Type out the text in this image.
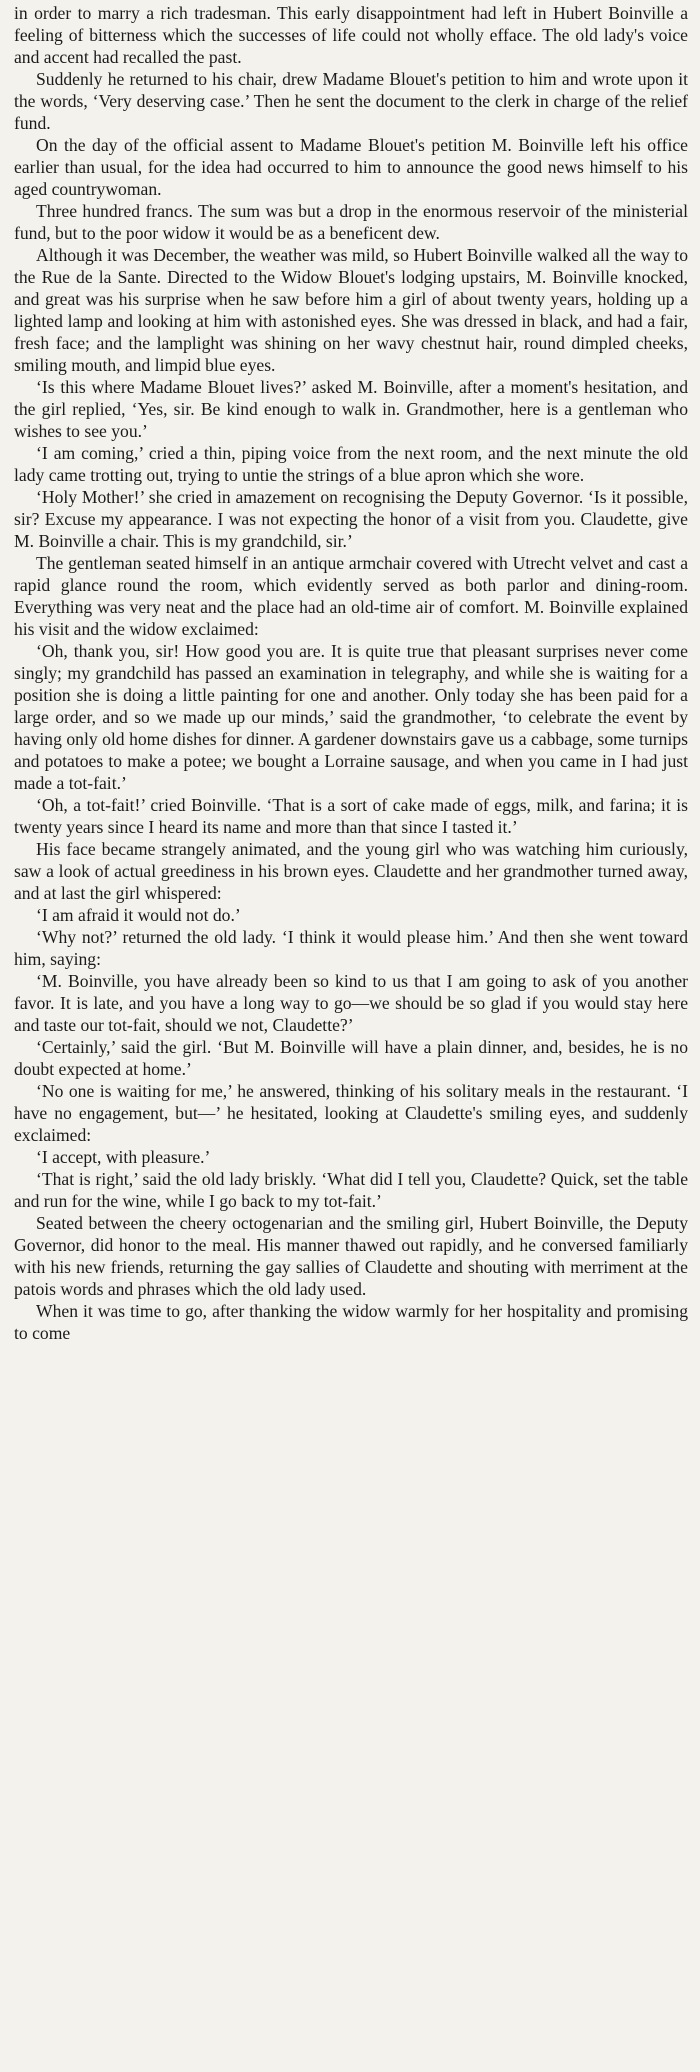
in order to marry a rich tradesman. This early disappointment had left in Hubert Boinville a feeling of bitterness which the successes of life could not wholly efface. The old lady's voice and accent had recalled the past.

Suddenly he returned to his chair, drew Madame Blouet's petition to him and wrote upon it the words, ‘Very deserving case.’ Then he sent the document to the clerk in charge of the relief fund.

On the day of the official assent to Madame Blouet's petition M. Boinville left his office earlier than usual, for the idea had occurred to him to announce the good news himself to his aged countrywoman.

Three hundred francs. The sum was but a drop in the enormous reservoir of the ministerial fund, but to the poor widow it would be as a beneficent dew.

Although it was December, the weather was mild, so Hubert Boinville walked all the way to the Rue de la Sante. Directed to the Widow Blouet's lodging upstairs, M. Boinville knocked, and great was his surprise when he saw before him a girl of about twenty years, holding up a lighted lamp and looking at him with astonished eyes. She was dressed in black, and had a fair, fresh face; and the lamplight was shining on her wavy chestnut hair, round dimpled cheeks, smiling mouth, and limpid blue eyes.

‘Is this where Madame Blouet lives?’ asked M. Boinville, after a moment's hesitation, and the girl replied, ‘Yes, sir. Be kind enough to walk in. Grandmother, here is a gentleman who wishes to see you.’

‘I am coming,’ cried a thin, piping voice from the next room, and the next minute the old lady came trotting out, trying to untie the strings of a blue apron which she wore.

‘Holy Mother!’ she cried in amazement on recognising the Deputy Governor. ‘Is it possible, sir? Excuse my appearance. I was not expecting the honor of a visit from you. Claudette, give M. Boinville a chair. This is my grandchild, sir.’

The gentleman seated himself in an antique armchair covered with Utrecht velvet and cast a rapid glance round the room, which evidently served as both parlor and dining-room. Everything was very neat and the place had an old-time air of comfort. M. Boinville explained his visit and the widow exclaimed:

‘Oh, thank you, sir! How good you are. It is quite true that pleasant surprises never come singly; my grandchild has passed an examination in telegraphy, and while she is waiting for a position she is doing a little painting for one and another. Only today she has been paid for a large order, and so we made up our minds,’ said the grandmother, ‘to celebrate the event by having only old home dishes for dinner. A gardener downstairs gave us a cabbage, some turnips and potatoes to make a potee; we bought a Lorraine sausage, and when you came in I had just made a tot-fait.’

‘Oh, a tot-fait!’ cried Boinville. ‘That is a sort of cake made of eggs, milk, and farina; it is twenty years since I heard its name and more than that since I tasted it.’

His face became strangely animated, and the young girl who was watching him curiously, saw a look of actual greediness in his brown eyes. Claudette and her grandmother turned away, and at last the girl whispered:

‘I am afraid it would not do.’

‘Why not?’ returned the old lady. ‘I think it would please him.’ And then she went toward him, saying:

‘M. Boinville, you have already been so kind to us that I am going to ask of you another favor. It is late, and you have a long way to go—we should be so glad if you would stay here and taste our tot-fait, should we not, Claudette?’

‘Certainly,’ said the girl. ‘But M. Boinville will have a plain dinner, and, besides, he is no doubt expected at home.’

‘No one is waiting for me,’ he answered, thinking of his solitary meals in the restaurant. ‘I have no engagement, but—’ he hesitated, looking at Claudette's smiling eyes, and suddenly exclaimed:

‘I accept, with pleasure.’

‘That is right,’ said the old lady briskly. ‘What did I tell you, Claudette? Quick, set the table and run for the wine, while I go back to my tot-fait.’

Seated between the cheery octogenarian and the smiling girl, Hubert Boinville, the Deputy Governor, did honor to the meal. His manner thawed out rapidly, and he conversed familiarly with his new friends, returning the gay sallies of Claudette and shouting with merriment at the patois words and phrases which the old lady used.

When it was time to go, after thanking the widow warmly for her hospitality and promising to come
